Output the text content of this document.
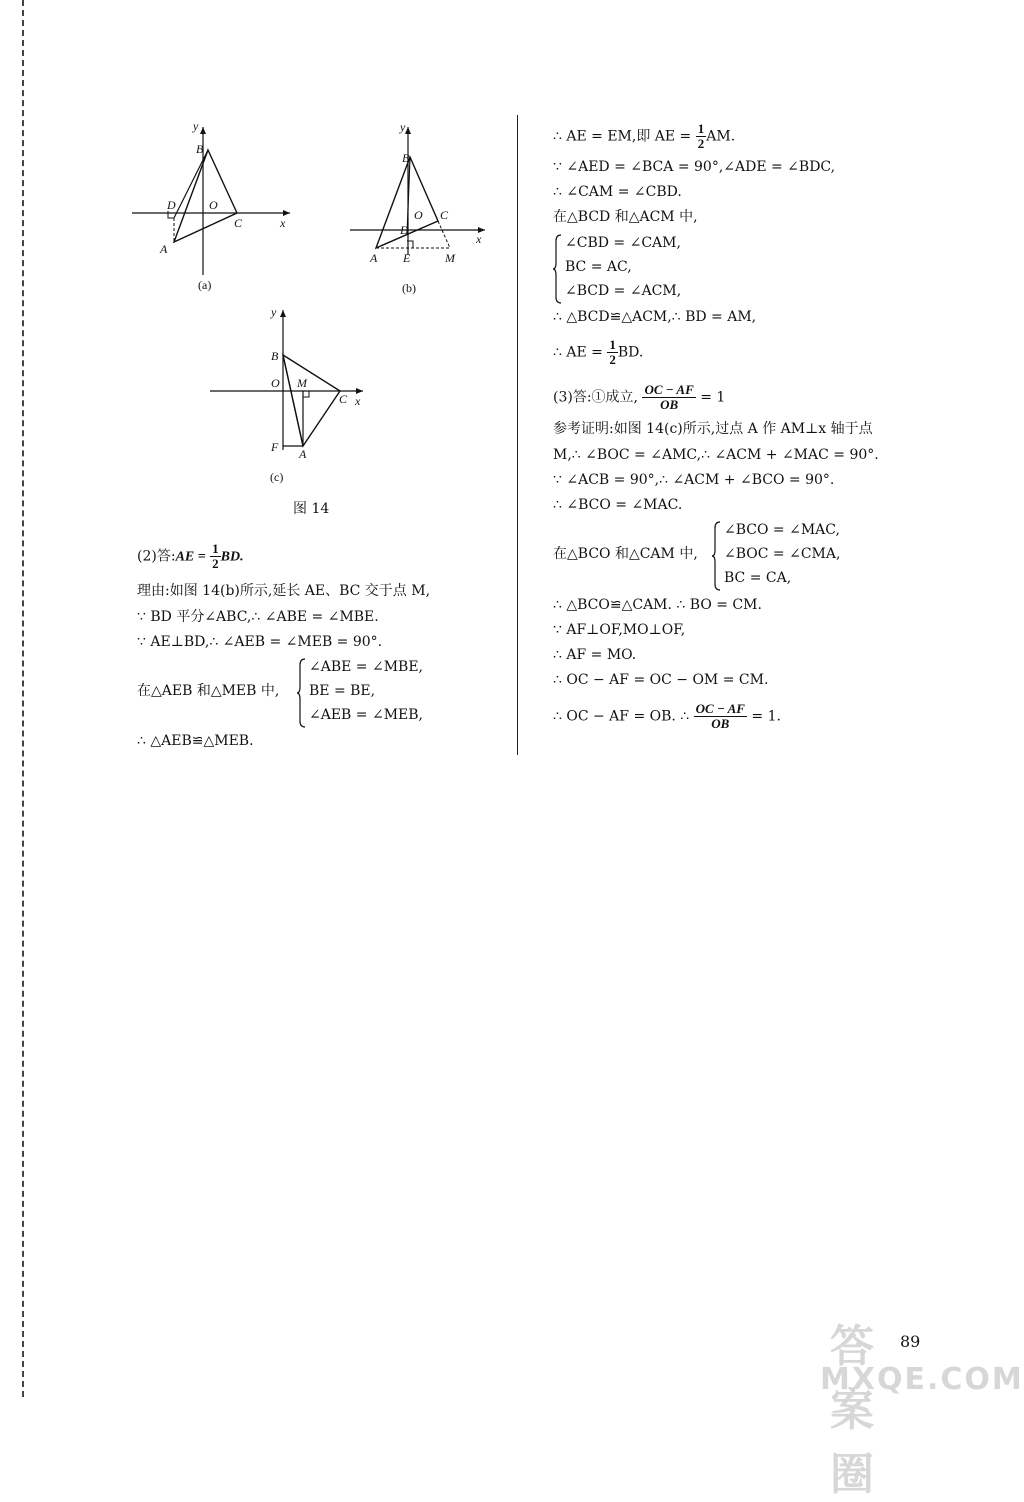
y
x
B
D	O
C
A
(a)
y
x
B
O C
D
A E	M
(b)
y
x
B
O M
C
F A
(c)
图 14
(2)答:AE = $\frac{1}{2}$ BD.
理由:如图 14(b)所示,延长 AE、BC 交于点 M,
∵ BD 平分∠ABC,∴ ∠ABE = ∠MBE.
∵ AE⊥BD,∴ ∠AEB = ∠MEB = 90°.
在△AEB 和△MEB 中,
∠ABE = ∠MBE,
BE = BE,
∠AEB = ∠MEB,
∴ △AEB≌△MEB.
∴ AE = EM,即 AE = $\frac{1}{2}$ AM.
∵ ∠AED = ∠BCA = 90°,∠ADE = ∠BDC,
∴ ∠CAM = ∠CBD.
在△BCD 和△ACM 中,
∠CBD = ∠CAM,
BC = AC,
∠BCD = ∠ACM,
∴ △BCD≌△ACM,∴ BD = AM,
∴ AE = $\frac{1}{2}$ BD.
(3)答:①成立, $\frac{OC - AF}{OB} = 1$
参考证明:如图 14(c)所示,过点 A 作 AM⊥x 轴于点
M,∴ ∠BOC = ∠AMC,∴ ∠ACM + ∠MAC = 90°.
∵ ∠ACB = 90°,∴ ∠ACM + ∠BCO = 90°.
∴ ∠BCO = ∠MAC.
在△BCO 和△CAM 中,
∠BCO = ∠MAC,
∠BOC = ∠CMA,
BC = CA,
∴ △BCO≌△CAM. ∴ BO = CM.
∵ AF⊥OF,MO⊥OF,
∴ AF = MO.
∴ OC − AF = OC − OM = CM.
∴ OC − AF = OB. ∴ $\frac{OC - AF}{OB} = 1$.
答案圈
MXQE.COM
89
